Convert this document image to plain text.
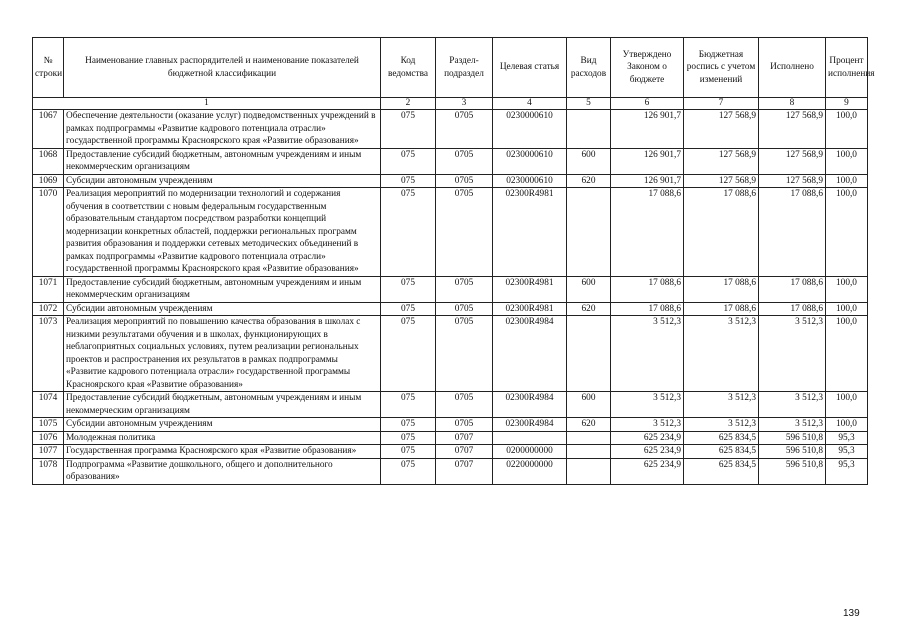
№ строки	Наименование главных распорядителей и наименование показателей бюджетной классификации	Код ведомства	Раздел-подраздел	Целевая статья	Вид расходов	Утверждено Законом о бюджете	Бюджетная роспись с учетом изменений	Исполнено	Процент исполнения
1		2	3	4	5	6	7	8	9
1067	Обеспечение деятельности (оказание услуг) подведомственных учреждений в рамках подпрограммы «Развитие кадрового потенциала отрасли» государственной программы Красноярского края «Развитие образования»	075	0705	0230000610		126 901,7	127 568,9	127 568,9	100,0
1068	Предоставление субсидий бюджетным, автономным учреждениям и иным некоммерческим организациям	075	0705	0230000610	600	126 901,7	127 568,9	127 568,9	100,0
1069	Субсидии автономным учреждениям	075	0705	0230000610	620	126 901,7	127 568,9	127 568,9	100,0
1070	Реализация мероприятий по модернизации технологий и содержания обучения в соответствии с новым федеральным государственным образовательным стандартом посредством разработки концепций модернизации конкретных областей, поддержки региональных программ развития образования и поддержки сетевых методических объединений в рамках подпрограммы «Развитие кадрового потенциала отрасли» государственной программы Красноярского края «Развитие образования»	075	0705	02300R4981		17 088,6	17 088,6	17 088,6	100,0
1071	Предоставление субсидий бюджетным, автономным учреждениям и иным некоммерческим организациям	075	0705	02300R4981	600	17 088,6	17 088,6	17 088,6	100,0
1072	Субсидии автономным учреждениям	075	0705	02300R4981	620	17 088,6	17 088,6	17 088,6	100,0
1073	Реализация мероприятий по повышению качества образования в школах с низкими результатами обучения и в школах, функционирующих в неблагоприятных социальных условиях, путем реализации региональных проектов и распространения их результатов в рамках подпрограммы «Развитие кадрового потенциала отрасли» государственной программы Красноярского края «Развитие образования»	075	0705	02300R4984		3 512,3	3 512,3	3 512,3	100,0
1074	Предоставление субсидий бюджетным, автономным учреждениям и иным некоммерческим организациям	075	0705	02300R4984	600	3 512,3	3 512,3	3 512,3	100,0
1075	Субсидии автономным учреждениям	075	0705	02300R4984	620	3 512,3	3 512,3	3 512,3	100,0
1076	Молодежная политика	075	0707			625 234,9	625 834,5	596 510,8	95,3
1077	Государственная программа Красноярского края «Развитие образования»	075	0707	0200000000		625 234,9	625 834,5	596 510,8	95,3
1078	Подпрограмма «Развитие дошкольного, общего и дополнительного образования»	075	0707	0220000000		625 234,9	625 834,5	596 510,8	95,3
139
